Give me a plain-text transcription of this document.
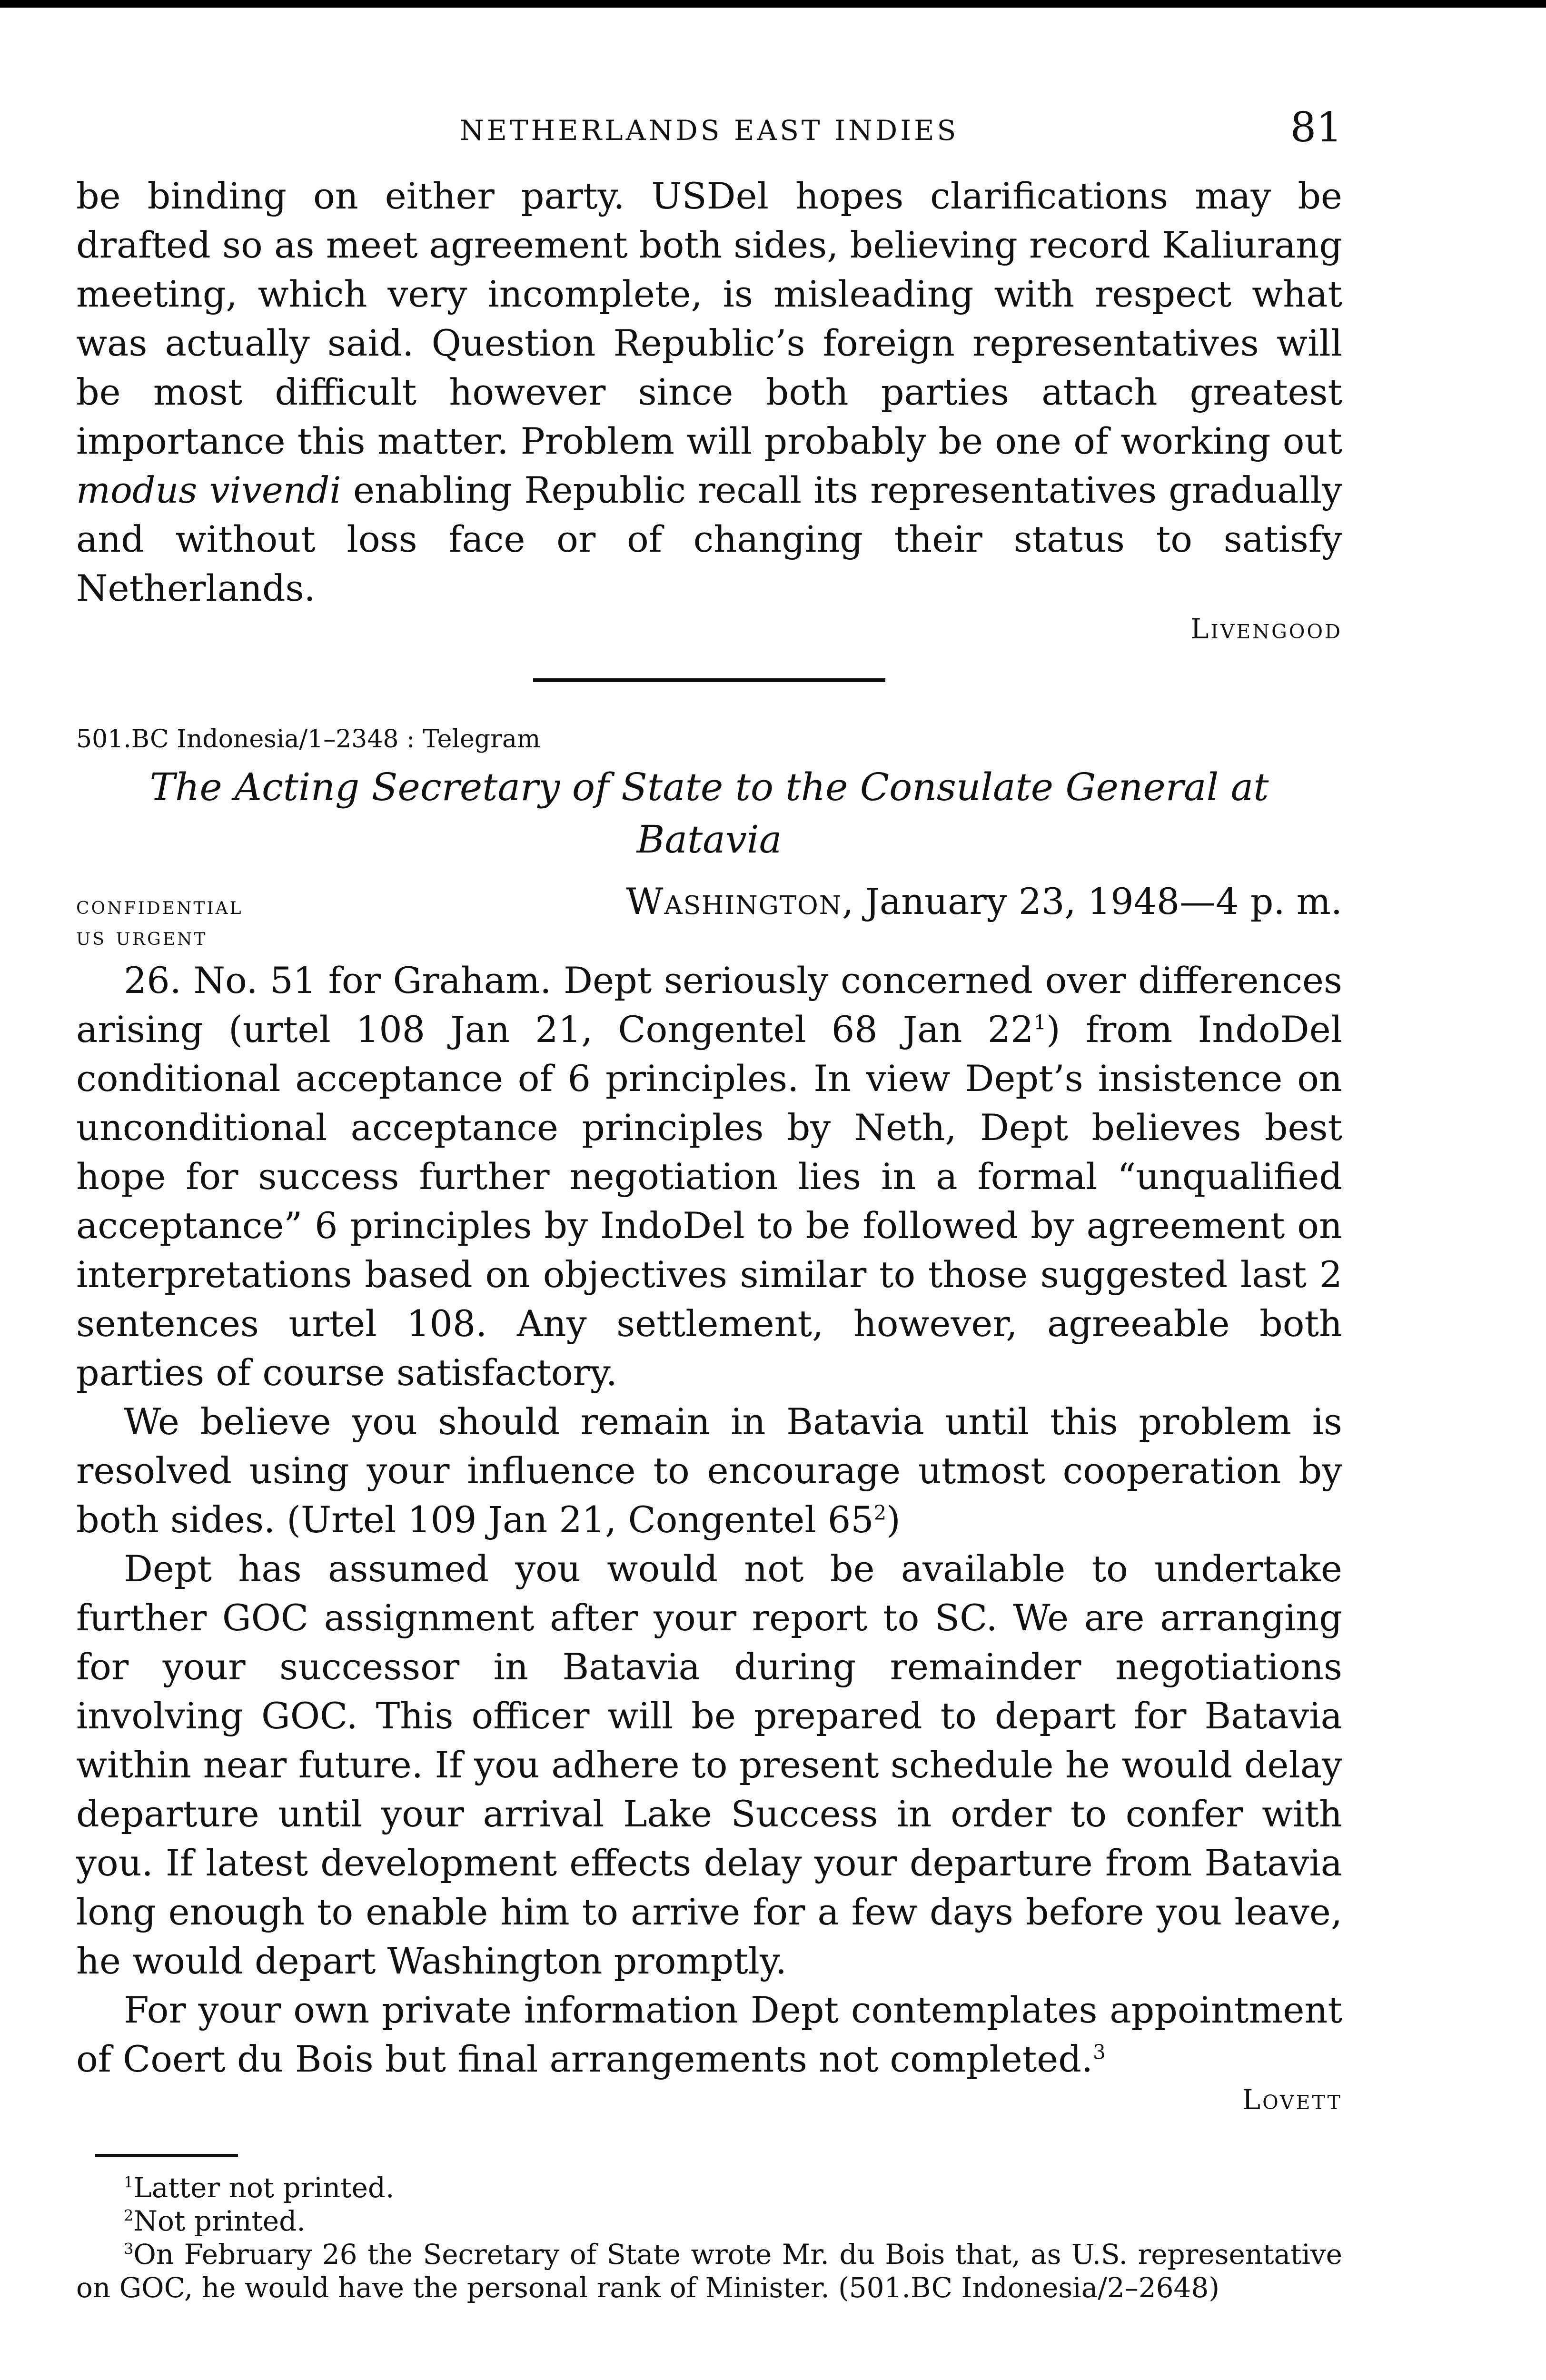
NETHERLANDS EAST INDIES	81

be binding on either party. USDel hopes clarifications may be drafted so as meet agreement both sides, believing record Kaliurang meeting, which very incomplete, is misleading with respect what was actually said. Question Republic’s foreign representatives will be most difficult however since both parties attach greatest importance this matter. Problem will probably be one of working out modus vivendi enabling Republic recall its representatives gradually and without loss face or of changing their status to satisfy Netherlands.

Livengood
501.BC Indonesia/1–2348 : Telegram
The Acting Secretary of State to the Consulate General at Batavia
confidential	Washington, January 23, 1948—4 p. m.
us urgent

26. No. 51 for Graham. Dept seriously concerned over differences arising (urtel 108 Jan 21, Congentel 68 Jan $22^1$) from IndoDel conditional acceptance of 6 principles. In view Dept’s insistence on unconditional acceptance principles by Neth, Dept believes best hope for success further negotiation lies in a formal “unqualified acceptance” 6 principles by IndoDel to be followed by agreement on interpretations based on objectives similar to those suggested last 2 sentences urtel 108. Any settlement, however, agreeable both parties of course satisfactory.

We believe you should remain in Batavia until this problem is resolved using your influence to encourage utmost cooperation by both sides. (Urtel 109 Jan 21, Congentel $65^2$)

Dept has assumed you would not be available to undertake further GOC assignment after your report to SC. We are arranging for your successor in Batavia during remainder negotiations involving GOC. This officer will be prepared to depart for Batavia within near future. If you adhere to present schedule he would delay departure until your arrival Lake Success in order to confer with you. If latest development effects delay your departure from Batavia long enough to enable him to arrive for a few days before you leave, he would depart Washington promptly.

For your own private information Dept contemplates appointment of Coert du Bois but final arrangements not completed.$^3$

Lovett

$^1$Latter not printed.

$^2$Not printed.

$^3$On February 26 the Secretary of State wrote Mr. du Bois that, as U.S. representative on GOC, he would have the personal rank of Minister. (501.BC Indonesia/2–2648)
